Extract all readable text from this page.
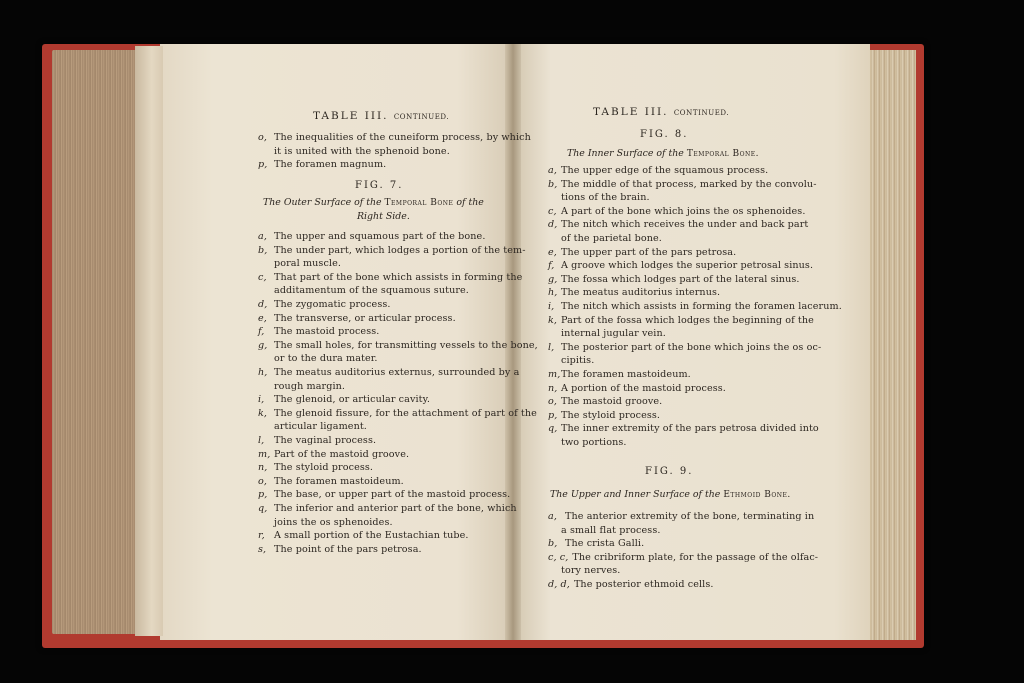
TABLE III. CONTINUED.
o, The inequalities of the cuneiform process, by which
it is united with the sphenoid bone.
p, The foramen magnum.
FIG. 7.
The Outer Surface of the Temporal Bone of the
Right Side.
a, The upper and squamous part of the bone.
b, The under part, which lodges a portion of the tem-
poral muscle.
c, That part of the bone which assists in forming the
additamentum of the squamous suture.
d, The zygomatic process.
e, The transverse, or articular process.
f, The mastoid process.
g, The small holes, for transmitting vessels to the bone,
or to the dura mater.
h, The meatus auditorius externus, surrounded by a
rough margin.
i, The glenoid, or articular cavity.
k, The glenoid fissure, for the attachment of part of the
articular ligament.
l, The vaginal process.
m, Part of the mastoid groove.
n, The styloid process.
o, The foramen mastoideum.
p, The base, or upper part of the mastoid process.
q, The inferior and anterior part of the bone, which
joins the os sphenoides.
r, A small portion of the Eustachian tube.
s, The point of the pars petrosa.
TABLE III. CONTINUED.
FIG. 8.
The Inner Surface of the Temporal Bone.
a, The upper edge of the squamous process.
b, The middle of that process, marked by the convolu-
tions of the brain.
c, A part of the bone which joins the os sphenoides.
d, The nitch which receives the under and back part
of the parietal bone.
e, The upper part of the pars petrosa.
f, A groove which lodges the superior petrosal sinus.
g, The fossa which lodges part of the lateral sinus.
h, The meatus auditorius internus.
i, The nitch which assists in forming the foramen lacerum.
k, Part of the fossa which lodges the beginning of the
internal jugular vein.
l, The posterior part of the bone which joins the os oc-
cipitis.
m,The foramen mastoideum.
n, A portion of the mastoid process.
o, The mastoid groove.
p, The styloid process.
q, The inner extremity of the pars petrosa divided into
two portions.
FIG. 9.
The Upper and Inner Surface of the Ethmoid Bone.
a, The anterior extremity of the bone, terminating in
a small flat process.
b, The crista Galli.
c, c, The cribriform plate, for the passage of the olfac-
tory nerves.
d, d, The posterior ethmoid cells.
